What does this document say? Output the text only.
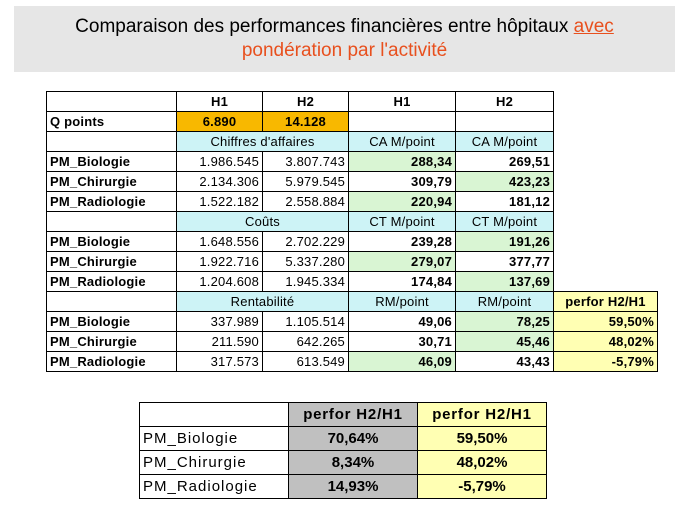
Comparaison des performances financières entre hôpitaux avec
pondération par l'activité
	H1	H2	H1	H2	
Q points	6.890	14.128			
	Chiffres d'affaires		CA M/point	CA M/point	
PM_Biologie	1.986.545	3.807.743	288,34	269,51	
PM_Chirurgie	2.134.306	5.979.545	309,79	423,23	
PM_Radiologie	1.522.182	2.558.884	220,94	181,12	
	Coûts		CT M/point	CT M/point	
PM_Biologie	1.648.556	2.702.229	239,28	191,26	
PM_Chirurgie	1.922.716	5.337.280	279,07	377,77	
PM_Radiologie	1.204.608	1.945.334	174,84	137,69	
	Rentabilité		RM/point	RM/point	perfor H2/H1
PM_Biologie	337.989	1.105.514	49,06	78,25	59,50%
PM_Chirurgie	211.590	642.265	30,71	45,46	48,02%
PM_Radiologie	317.573	613.549	46,09	43,43	-5,79%
	perfor H2/H1	perfor H2/H1
PM_Biologie	70,64%	59,50%
PM_Chirurgie	8,34%	48,02%
PM_Radiologie	14,93%	-5,79%
